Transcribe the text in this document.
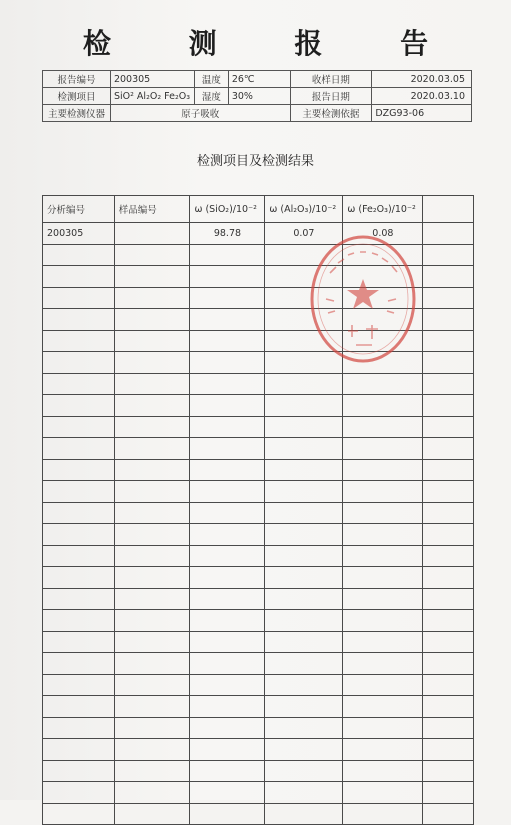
检 测 报 告
报告编号	200305	温度	26℃	收样日期	2020.03.05
检测项目	SiO² Al₂O₂ Fe₂O₃	湿度	30%	报告日期	2020.03.10
主要检测仪器	原子吸收			主要检测依据	DZG93-06
检测项目及检测结果
分析编号	样品编号	ω (SiO₂)/10⁻²	ω (Al₂O₃)/10⁻²	ω (Fe₂O₃)/10⁻²	
200305		98.78	0.07	0.08	
